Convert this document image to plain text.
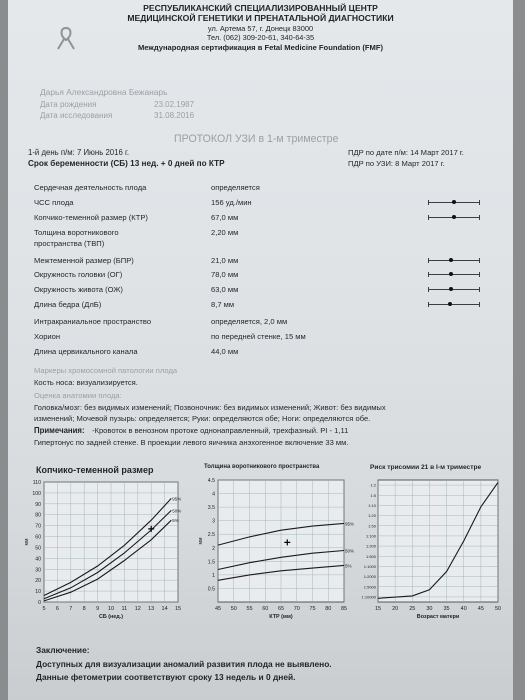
РЕСПУБЛИКАНСКИЙ СПЕЦИАЛИЗИРОВАННЫЙ ЦЕНТР
МЕДИЦИНСКОЙ ГЕНЕТИКИ И ПРЕНАТАЛЬНОЙ ДИАГНОСТИКИ
ул. Артема 57, г. Донецк 83000
Тел. (062) 309-20-61, 340-64-35
Международная сертификация в Fetal Medicine Foundation (FMF)
Дарья Александровна Бежанарь
Дата рождения	23.02.1987
Дата исследования	31.08.2016
ПРОТОКОЛ УЗИ в 1-м триместре
1-й день п/м: 7 Июнь 2016 г.	ПДР по дате п/м: 14 Март 2017 г.
Срок беременности (СБ) 13 нед. + 0 дней по КТР	ПДР по УЗИ: 8 Март 2017 г.
Сердечная деятельность плода	определяется
ЧСС плода	156 уд./мин
Копчико-теменной размер (КТР)	67,0 мм
Толщина воротникового
пространства (ТВП)
2,20 мм
Межтеменной размер (БПР)	21,0 мм
Окружность головки (ОГ)	78,0 мм
Окружность живота (ОЖ)	63,0 мм
Длина бедра (ДлБ)	8,7 мм
Интракраниальное пространство	определяется, 2,0 мм
Хорион	по передней стенке, 15 мм
Длина цервикального канала	44,0 мм
Маркеры хромосомной патологии плода
Кость носа: визуализируется.
Оценка анатомии плода:
Головка/мозг: без видимых изменений; Позвоночник: без видимых изменений; Живот: без видимых
изменений; Мочевой пузырь: определяется; Руки: определяются обе; Ноги: определяются обе.
Примечания: -Кровоток в венозном протоке однонаправленный, трехфазный. PI - 1,11
Гипертонус по задней стенке. В проекции левого яичника анэхогенное включение 33 мм.
Копчико-теменной размер	Толщина воротникового пространства	Риск трисомии 21 в I-м триместре
5 6 7 8 9 10 11 12 13 14 15
0
10
20
30
40
50
60
70
80
90
100
110
95%
50%
5%
СБ (нед.)
мм
45 50 55 60 65 70 75 80 85
0.5
1
1.5
2
2.5
3
3.5
4
4.5
95%
50%
5%
КТР (мм)
мм
15 20 25 30 35 40 45 50
1:2
1:5
1:10
1:20
1:50
1:100
1:200
1:500
1:1000
1:2000
1:5000
1:10000
Возраст матери
Заключение:
Доступных для визуализации аномалий развития плода не выявлено.
Данные фетометрии соответствуют сроку 13 недель и 0 дней.
